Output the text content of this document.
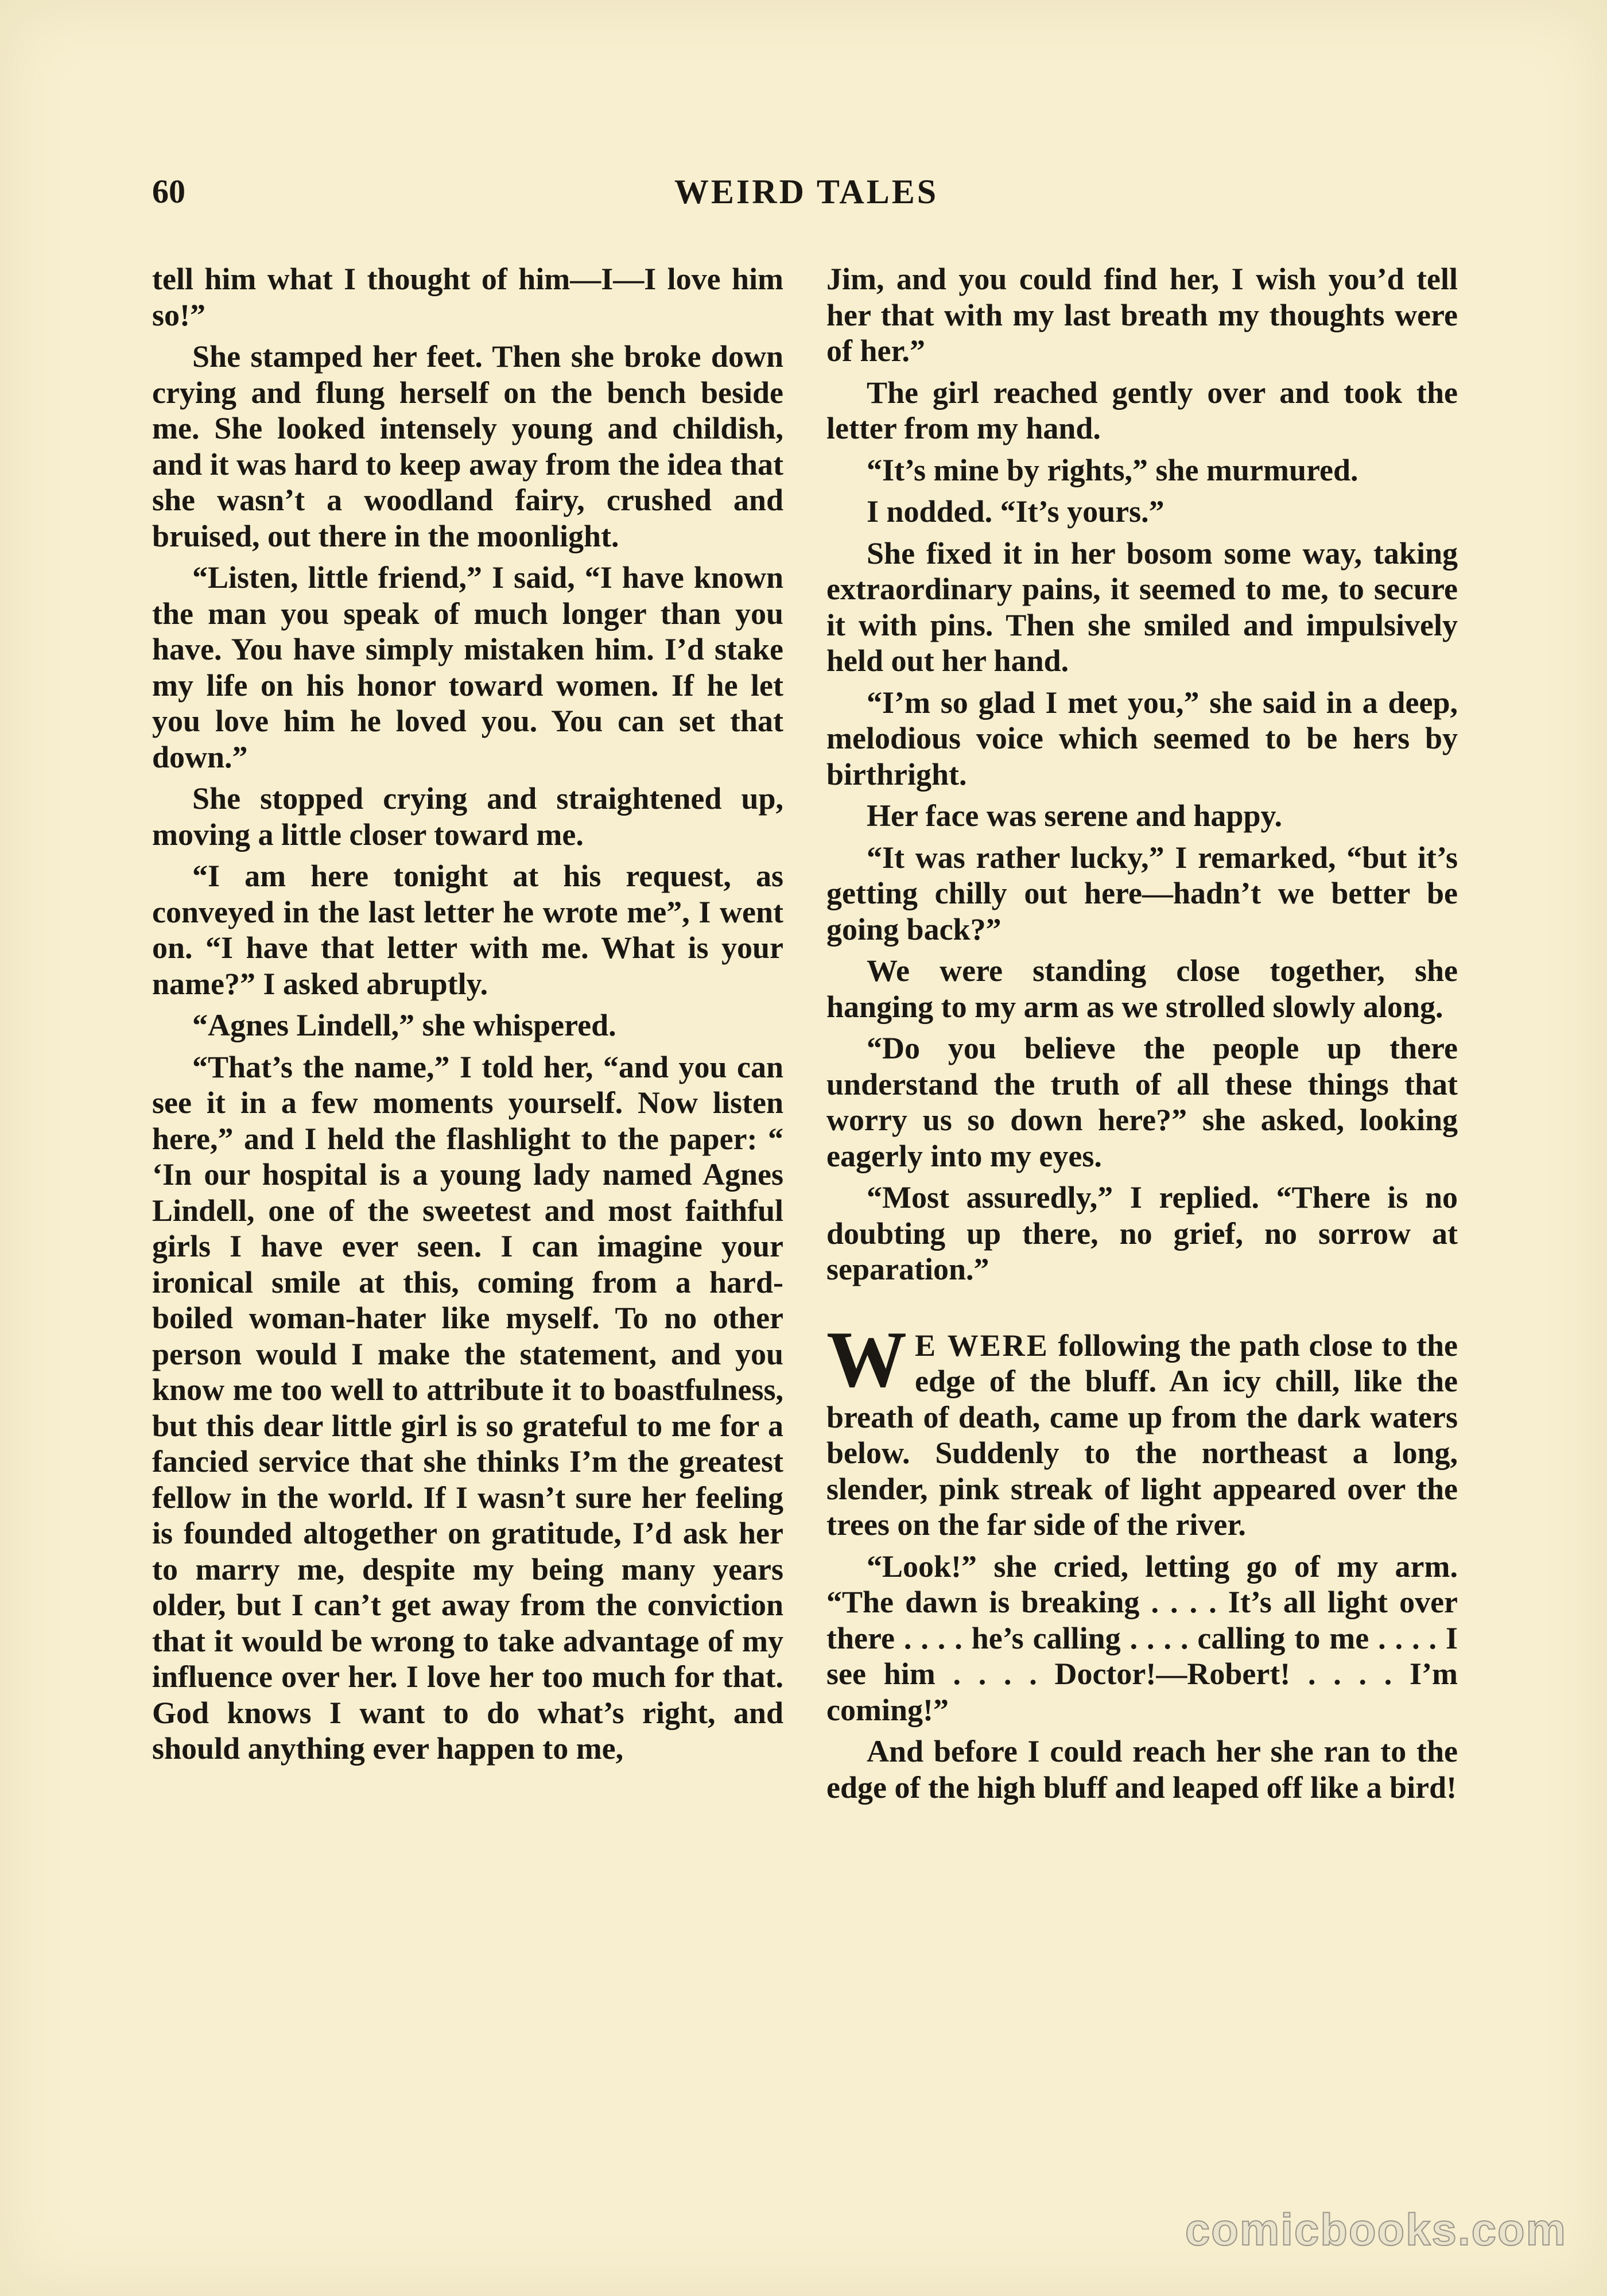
60	WEIRD TALES

tell him what I thought of him—I—I love him so!”

She stamped her feet. Then she broke down crying and flung herself on the bench beside me. She looked intensely young and childish, and it was hard to keep away from the idea that she wasn’t a woodland fairy, crushed and bruised, out there in the moonlight.

“Listen, little friend,” I said, “I have known the man you speak of much longer than you have. You have simply mistaken him. I’d stake my life on his honor toward women. If he let you love him he loved you. You can set that down.”

She stopped crying and straightened up, moving a little closer toward me.

“I am here tonight at his request, as conveyed in the last letter he wrote me”, I went on. “I have that letter with me. What is your name?” I asked abruptly.

“Agnes Lindell,” she whispered.

“That’s the name,” I told her, “and you can see it in a few moments yourself. Now listen here,” and I held the flashlight to the paper: “ ‘In our hospital is a young lady named Agnes Lindell, one of the sweetest and most faithful girls I have ever seen. I can imagine your ironical smile at this, coming from a hard-boiled woman-hater like myself. To no other person would I make the statement, and you know me too well to attribute it to boastfulness, but this dear little girl is so grateful to me for a fancied service that she thinks I’m the greatest fellow in the world. If I wasn’t sure her feeling is founded altogether on gratitude, I’d ask her to marry me, despite my being many years older, but I can’t get away from the conviction that it would be wrong to take advantage of my influence over her. I love her too much for that. God knows I want to do what’s right, and should anything ever happen to me,

Jim, and you could find her, I wish you’d tell her that with my last breath my thoughts were of her.”

The girl reached gently over and took the letter from my hand.

“It’s mine by rights,” she murmured.

I nodded. “It’s yours.”

She fixed it in her bosom some way, taking extraordinary pains, it seemed to me, to secure it with pins. Then she smiled and impulsively held out her hand.

“I’m so glad I met you,” she said in a deep, melodious voice which seemed to be hers by birthright.

Her face was serene and happy.

“It was rather lucky,” I remarked, “but it’s getting chilly out here—hadn’t we better be going back?”

We were standing close together, she hanging to my arm as we strolled slowly along.

“Do you believe the people up there understand the truth of all these things that worry us so down here?” she asked, looking eagerly into my eyes.

“Most assuredly,” I replied. “There is no doubting up there, no grief, no sorrow at separation.”

W E WERE following the path close to the edge of the bluff. An icy chill, like the breath of death, came up from the dark waters below. Suddenly to the northeast a long, slender, pink streak of light appeared over the trees on the far side of the river.

“Look!” she cried, letting go of my arm. “The dawn is breaking . . . . It’s all light over there . . . . he’s calling . . . . calling to me . . . . I see him . . . . Doctor!—Robert! . . . . I’m coming!”

And before I could reach her she ran to the edge of the high bluff and leaped off like a bird!

comicbooks.com
